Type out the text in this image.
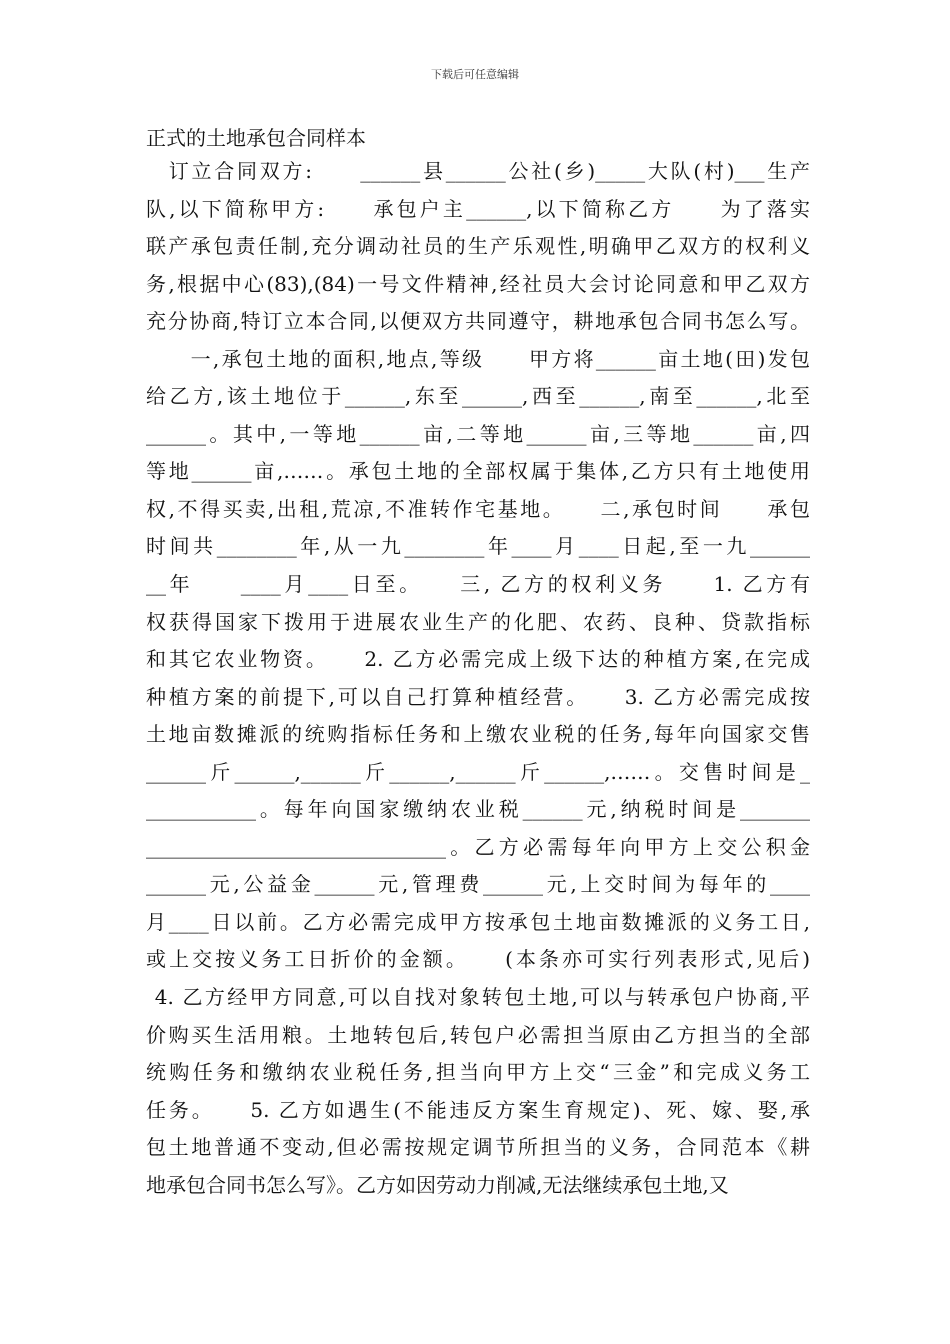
下载后可任意编辑
正式的土地承包合同样本
　订立合同双方:　　______县______公社(乡)_____大队(村)___生产
队,以下简称甲方:　　承包户主______,以下简称乙方　　为了落实
联产承包责任制,充分调动社员的生产乐观性,明确甲乙双方的权利义
务,根据中心(83),(84)一号文件精神,经社员大会讨论同意和甲乙双方
充分协商,特订立本合同,以便双方共同遵守，耕地承包合同书怎么写。
　　一,承包土地的面积,地点,等级　　甲方将______亩土地(田)发包
给乙方,该土地位于______,东至______,西至______,南至______,北至
______。其中,一等地______亩,二等地______亩,三等地______亩,四
等地______亩,……。承包土地的全部权属于集体,乙方只有土地使用
权,不得买卖,出租,荒凉,不准转作宅基地。　　二,承包时间　　承包
时间共________年,从一九________年____月____日起,至一九______
__年　　____月____日至。　　三, 乙方的权利义务　　1. 乙方有
权获得国家下拨用于进展农业生产的化肥、农药、良种、贷款指标
和其它农业物资。　　2. 乙方必需完成上级下达的种植方案,在完成
种植方案的前提下,可以自己打算种植经营。　　3. 乙方必需完成按
土地亩数摊派的统购指标任务和上缴农业税的任务,每年向国家交售
______斤______,______斤______,______斤______,……。交售时间是_
___________。每年向国家缴纳农业税______元,纳税时间是_______
______________________________。乙方必需每年向甲方上交公积金
______元,公益金______元,管理费______元,上交时间为每年的____
月____日以前。乙方必需完成甲方按承包土地亩数摊派的义务工日,
或上交按义务工日折价的金额。　　(本条亦可实行列表形式,见后)
4. 乙方经甲方同意,可以自找对象转包土地,可以与转承包户协商,平
价购买生活用粮。土地转包后,转包户必需担当原由乙方担当的全部
统购任务和缴纳农业税任务,担当向甲方上交“三金”和完成义务工
任务。　　5. 乙方如遇生(不能违反方案生育规定)、死、嫁、娶,承
包土地普通不变动,但必需按规定调节所担当的义务，合同范本《耕
地承包合同书怎么写》。乙方如因劳动力削减,无法继续承包土地,又
